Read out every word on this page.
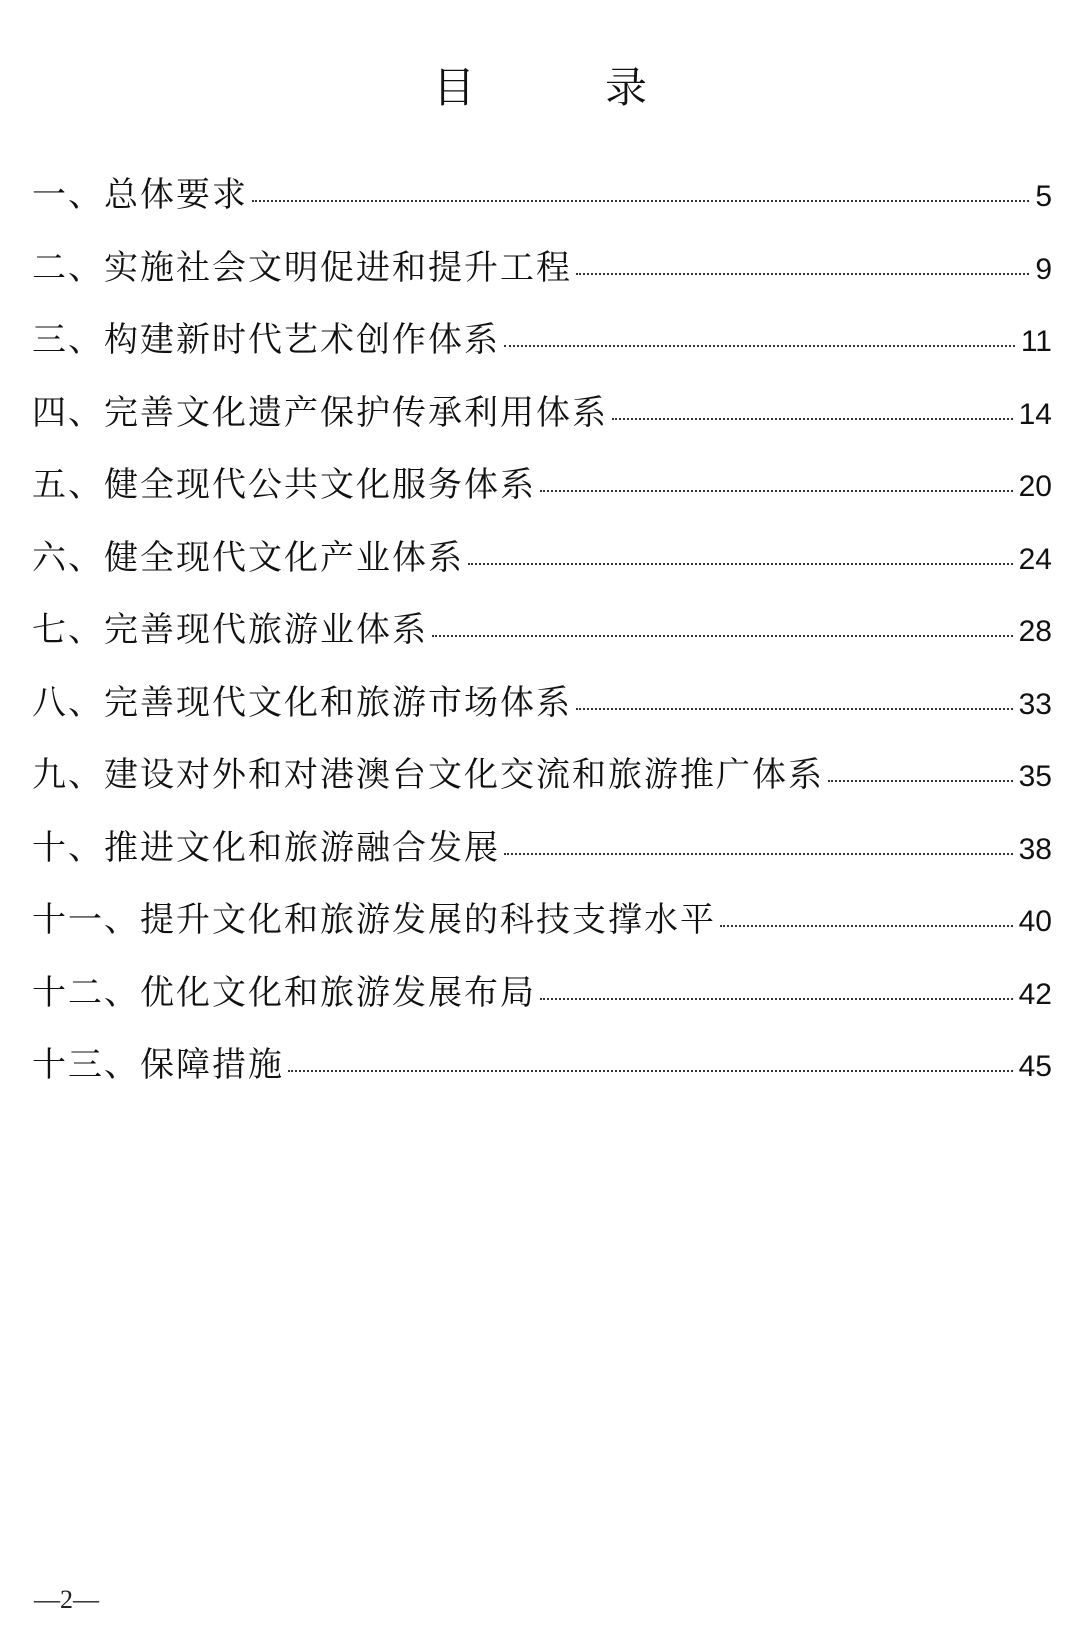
目　录
一、总体要求	5
二、实施社会文明促进和提升工程	9
三、构建新时代艺术创作体系	11
四、完善文化遗产保护传承利用体系	14
五、健全现代公共文化服务体系	20
六、健全现代文化产业体系	24
七、完善现代旅游业体系	28
八、完善现代文化和旅游市场体系	33
九、建设对外和对港澳台文化交流和旅游推广体系	35
十、推进文化和旅游融合发展	38
十一、提升文化和旅游发展的科技支撑水平	40
十二、优化文化和旅游发展布局	42
十三、保障措施	45
—2—
